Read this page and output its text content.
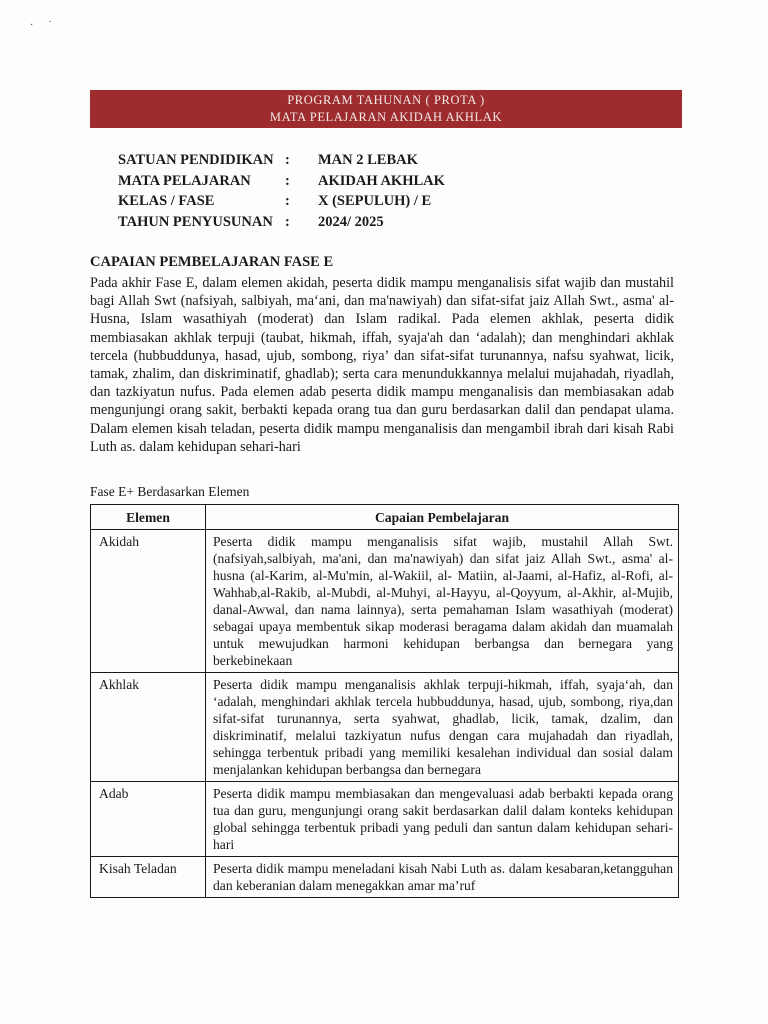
·      ˙
PROGRAM TAHUNAN ( PROTA )
MATA PELAJARAN AKIDAH AKHLAK
SATUAN PENDIDIKAN :	MAN 2 LEBAK
MATA PELAJARAN	:	AKIDAH AKHLAK
KELAS / FASE	:	X (SEPULUH) / E
TAHUN PENYUSUNAN :	2024/ 2025
CAPAIAN PEMBELAJARAN FASE E
Pada akhir Fase E, dalam elemen akidah, peserta didik mampu menganalisis sifat wajib dan mustahil bagi Allah Swt (nafsiyah, salbiyah, ma‘ani, dan ma'nawiyah) dan sifat-sifat jaiz Allah Swt., asma' al-Husna, Islam wasathiyah (moderat) dan Islam radikal. Pada elemen akhlak, peserta didik membiasakan akhlak terpuji (taubat, hikmah, iffah, syaja'ah dan ‘adalah); dan menghindari akhlak tercela (hubbuddunya, hasad, ujub, sombong, riya’ dan sifat-sifat turunannya, nafsu syahwat, licik, tamak, zhalim, dan diskriminatif, ghadlab); serta cara menundukkannya melalui mujahadah, riyadlah, dan tazkiyatun nufus. Pada elemen adab peserta didik mampu menganalisis dan membiasakan adab mengunjungi orang sakit, berbakti kepada orang tua dan guru berdasarkan dalil dan pendapat ulama. Dalam elemen kisah teladan, peserta didik mampu menganalisis dan mengambil ibrah dari kisah Rabi Luth as. dalam kehidupan sehari-hari
Fase E+ Berdasarkan Elemen
Elemen	Capaian Pembelajaran
Akidah	Peserta didik mampu menganalisis sifat wajib, mustahil Allah Swt. (nafsiyah,salbiyah, ma'ani, dan ma'nawiyah) dan sifat jaiz Allah Swt., asma' al-husna (al-Karim, al-Mu'min, al-Wakiil, al- Matiin, al-Jaami, al-Hafiz, al-Rofi, al-Wahhab,al-Rakib, al-Mubdi, al-Muhyi, al-Hayyu, al-Qoyyum, al-Akhir, al-Mujib, danal-Awwal, dan nama lainnya), serta pemahaman Islam wasathiyah (moderat) sebagai upaya membentuk sikap moderasi beragama dalam akidah dan muamalah untuk mewujudkan harmoni kehidupan berbangsa dan bernegara yang berkebinekaan
Akhlak	Peserta didik mampu menganalisis akhlak terpuji-hikmah, iffah, syaja‘ah, dan ‘adalah, menghindari akhlak tercela hubbuddunya, hasad, ujub, sombong, riya,dan sifat-sifat turunannya, serta syahwat, ghadlab, licik, tamak, dzalim, dan diskriminatif, melalui tazkiyatun nufus dengan cara mujahadah dan riyadlah, sehingga terbentuk pribadi yang memiliki kesalehan individual dan sosial dalam menjalankan kehidupan berbangsa dan bernegara
Adab	Peserta didik mampu membiasakan dan mengevaluasi adab berbakti kepada orang tua dan guru, mengunjungi orang sakit berdasarkan dalil dalam konteks kehidupan global sehingga terbentuk pribadi yang peduli dan santun dalam kehidupan sehari-hari
Kisah Teladan	Peserta didik mampu meneladani kisah Nabi Luth as. dalam kesabaran,ketangguhan dan keberanian dalam menegakkan amar ma’ruf
